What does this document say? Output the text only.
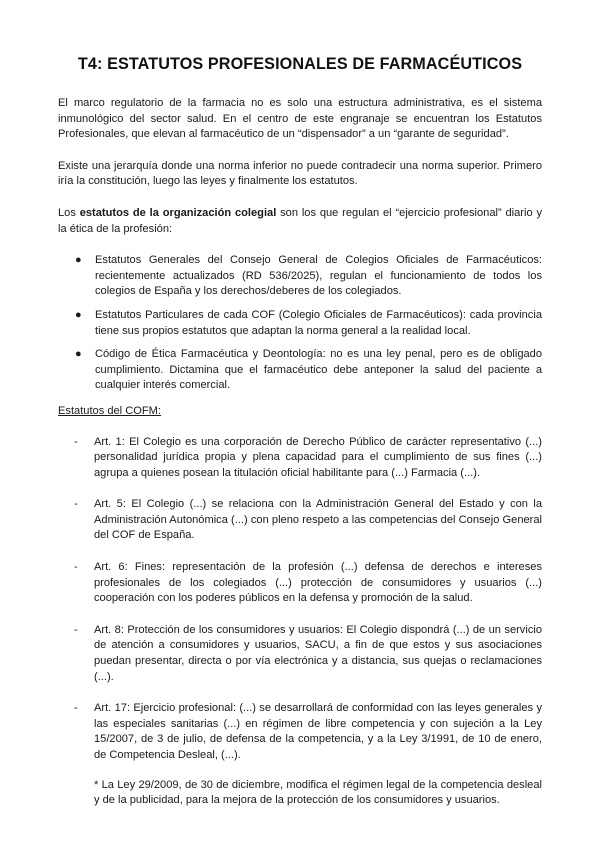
T4: ESTATUTOS PROFESIONALES DE FARMACÉUTICOS

El marco regulatorio de la farmacia no es solo una estructura administrativa, es el sistema inmunológico del sector salud. En el centro de este engranaje se encuentran los Estatutos Profesionales, que elevan al farmacéutico de un “dispensador” a un “garante de seguridad”.

Existe una jerarquía donde una norma inferior no puede contradecir una norma superior. Primero iría la constitución, luego las leyes y finalmente los estatutos.

Los estatutos de la organización colegial son los que regulan el “ejercicio profesional” diario y la ética de la profesión:

● Estatutos Generales del Consejo General de Colegios Oficiales de Farmacéuticos: recientemente actualizados (RD 536/2025), regulan el funcionamiento de todos los colegios de España y los derechos/deberes de los colegiados.
● Estatutos Particulares de cada COF (Colegio Oficiales de Farmacéuticos): cada provincia tiene sus propios estatutos que adaptan la norma general a la realidad local.
● Código de Ética Farmacéutica y Deontología: no es una ley penal, pero es de obligado cumplimiento. Dictamina que el farmacéutico debe anteponer la salud del paciente a cualquier interés comercial.

Estatutos del COFM:

- Art. 1: El Colegio es una corporación de Derecho Público de carácter representativo (...) personalidad jurídica propia y plena capacidad para el cumplimiento de sus fines (...) agrupa a quienes posean la titulación oficial habilitante para (...) Farmacia (...).
- Art. 5: El Colegio (...) se relaciona con la Administración General del Estado y con la Administración Autonómica (...) con pleno respeto a las competencias del Consejo General del COF de España.
- Art. 6: Fines: representación de la profesión (...) defensa de derechos e intereses profesionales de los colegiados (...) protección de consumidores y usuarios (...) cooperación con los poderes públicos en la defensa y promoción de la salud.
- Art. 8: Protección de los consumidores y usuarios: El Colegio dispondrá (...) de un servicio de atención a consumidores y usuarios, SACU, a fin de que estos y sus asociaciones puedan presentar, directa o por vía electrónica y a distancia, sus quejas o reclamaciones (...).
- Art. 17: Ejercicio profesional: (...) se desarrollará de conformidad con las leyes generales y las especiales sanitarias (...) en régimen de libre competencia y con sujeción a la Ley 15/2007, de 3 de julio, de defensa de la competencia, y a la Ley 3/1991, de 10 de enero, de Competencia Desleal, (...).

* La Ley 29/2009, de 30 de diciembre, modifica el régimen legal de la competencia desleal y de la publicidad, para la mejora de la protección de los consumidores y usuarios.
